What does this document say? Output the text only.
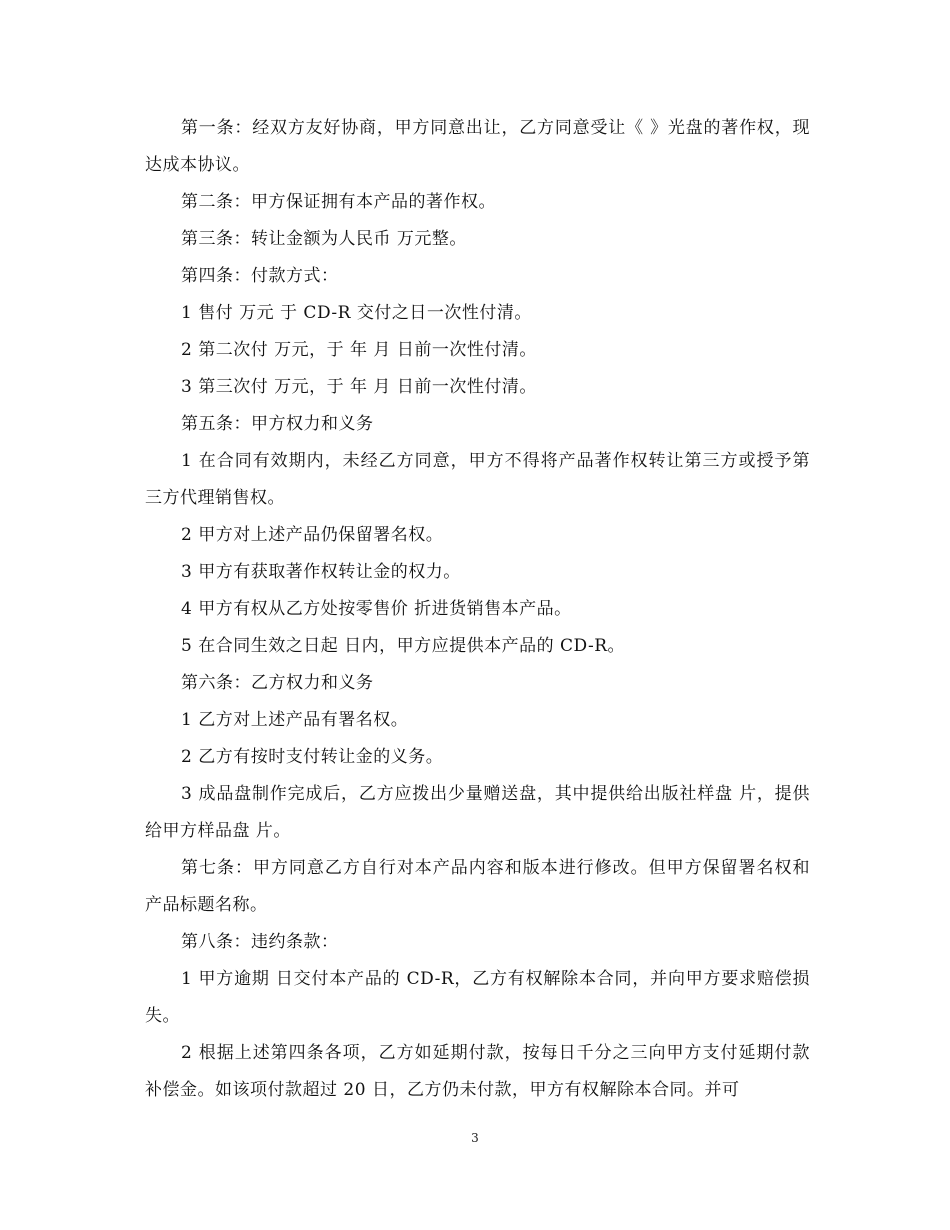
第一条：经双方友好协商，甲方同意出让，乙方同意受让《 》光盘的著作权，现达成本协议。

第二条：甲方保证拥有本产品的著作权。

第三条：转让金额为人民币 万元整。

第四条：付款方式：

1 售付 万元 于 CD-R 交付之日一次性付清。

2 第二次付 万元，于 年 月 日前一次性付清。

3 第三次付 万元，于 年 月 日前一次性付清。

第五条：甲方权力和义务

1 在合同有效期内，未经乙方同意，甲方不得将产品著作权转让第三方或授予第三方代理销售权。

2 甲方对上述产品仍保留署名权。

3 甲方有获取著作权转让金的权力。

4 甲方有权从乙方处按零售价 折进货销售本产品。

5 在合同生效之日起 日内，甲方应提供本产品的 CD-R。

第六条：乙方权力和义务

1 乙方对上述产品有署名权。

2 乙方有按时支付转让金的义务。

3 成品盘制作完成后，乙方应拨出少量赠送盘，其中提供给出版社样盘 片，提供给甲方样品盘 片。

第七条：甲方同意乙方自行对本产品内容和版本进行修改。但甲方保留署名权和产品标题名称。

第八条：违约条款：

1 甲方逾期 日交付本产品的 CD-R，乙方有权解除本合同，并向甲方要求赔偿损失。

2 根据上述第四条各项，乙方如延期付款，按每日千分之三向甲方支付延期付款补偿金。如该项付款超过 20 日，乙方仍未付款，甲方有权解除本合同。并可

3
